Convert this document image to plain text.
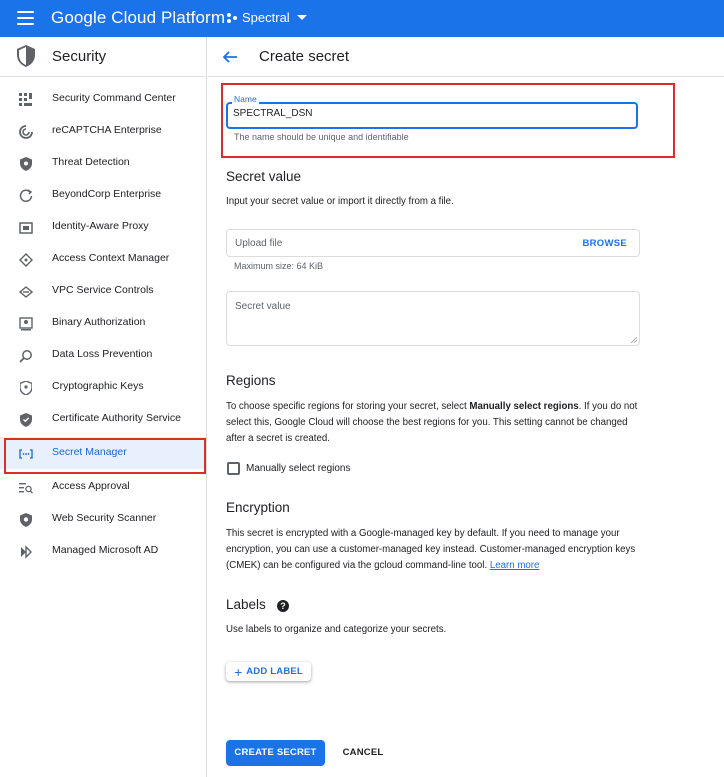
Google Cloud Platform Spectral
Security
Security Command Center
reCAPTCHA Enterprise
Threat Detection
BeyondCorp Enterprise
Identity-Aware Proxy
Access Context Manager
VPC Service Controls
Binary Authorization
Data Loss Prevention
Cryptographic Keys
Certificate Authority Service
Secret Manager
Access Approval
Web Security Scanner
Managed Microsoft AD
Create secret
Name
SPECTRAL_DSN
The name should be unique and identifiable
Secret value
Input your secret value or import it directly from a file.
Upload file	BROWSE
Maximum size: 64 KiB
Secret value
Regions
To choose specific regions for storing your secret, select Manually select regions. If you do not select this, Google Cloud will choose the best regions for you. This setting cannot be changed after a secret is created.
Manually select regions
Encryption
This secret is encrypted with a Google-managed key by default. If you need to manage your encryption, you can use a customer-managed key instead. Customer-managed encryption keys (CMEK) can be configured via the gcloud command-line tool. Learn more
Labels	?
Use labels to organize and categorize your secrets.
+ ADD LABEL
CREATE SECRET	CANCEL
